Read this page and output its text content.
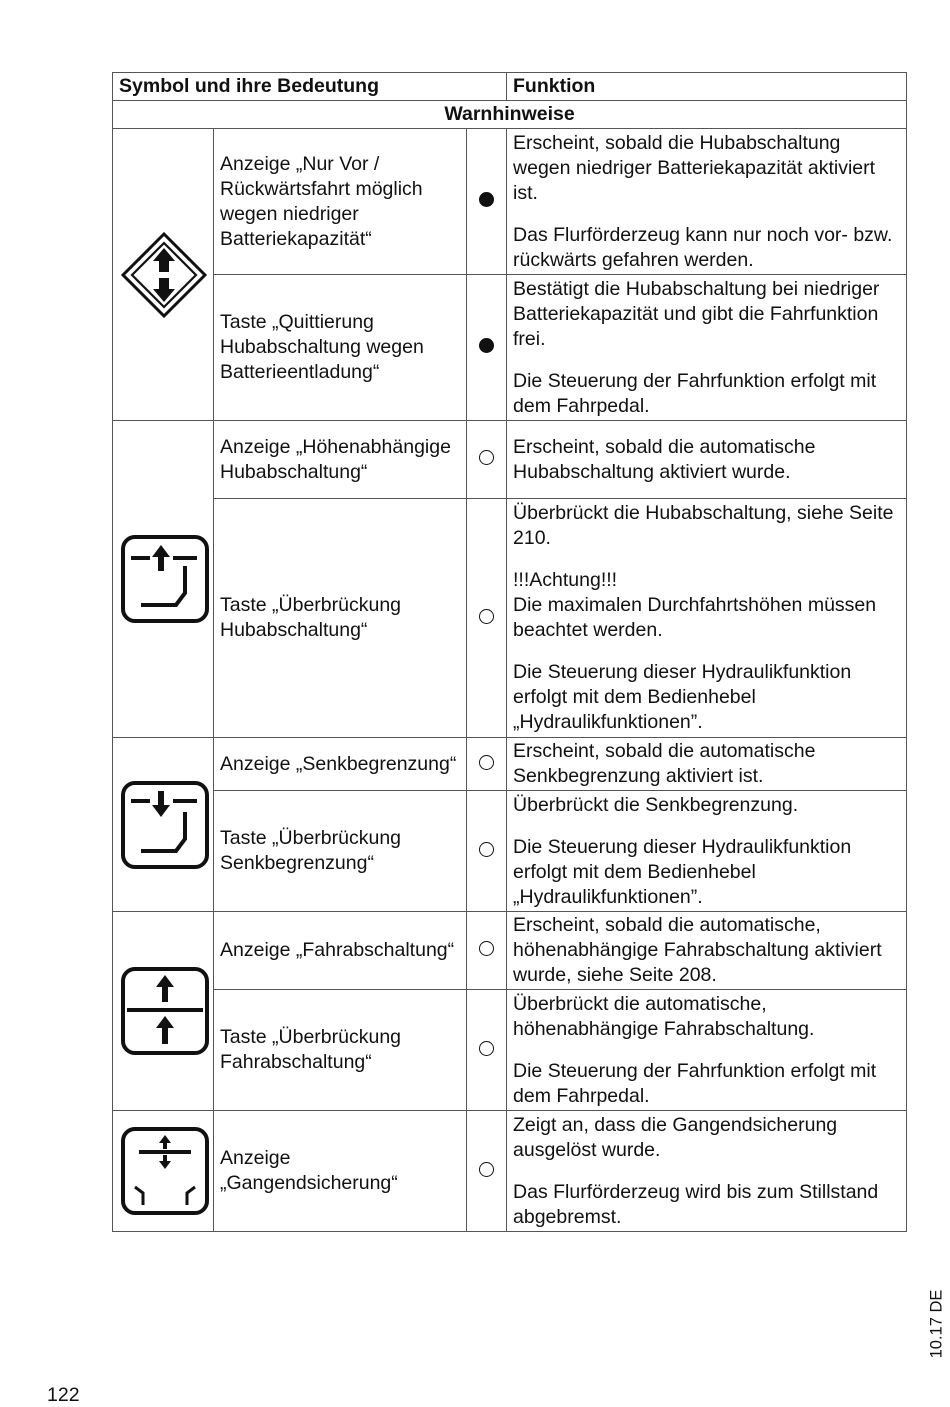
Symbol und ihre Bedeutung			Funktion
Warnhinweise			

	Anzeige „Nur Vor / Rückwärtsfahrt möglich wegen niedriger Batteriekapazität“		Erscheint, sobald die Hubabschaltung wegen niedriger Batteriekapazität aktiviert ist.

Das Flurförderzeug kann nur noch vor- bzw. rückwärts gefahren werden.

	Taste „Quittierung Hubabschaltung wegen Batterieentladung“		Bestätigt die Hubabschaltung bei niedriger Batteriekapazität und gibt die Fahrfunktion frei.

Die Steuerung der Fahrfunktion erfolgt mit dem Fahrpedal.

	Anzeige „Höhenabhängige Hubabschaltung“		Erscheint, sobald die automatische Hubabschaltung aktiviert wurde.

	Taste „Überbrückung Hubabschaltung“		Überbrückt die Hubabschaltung, siehe Seite 210.

!!!Achtung!!!
Die maximalen Durchfahrtshöhen müssen beachtet werden.

Die Steuerung dieser Hydraulikfunktion erfolgt mit dem Bedienhebel „Hydraulikfunktionen”.

	Anzeige „Senkbegrenzung“		Erscheint, sobald die automatische Senkbegrenzung aktiviert ist.

	Taste „Überbrückung Senkbegrenzung“		Überbrückt die Senkbegrenzung.

Die Steuerung dieser Hydraulikfunktion erfolgt mit dem Bedienhebel „Hydraulikfunktionen”.

	Anzeige „Fahrabschaltung“		Erscheint, sobald die automatische, höhenabhängige Fahrabschaltung aktiviert wurde, siehe Seite 208.

	Taste „Überbrückung Fahrabschaltung“		Überbrückt die automatische, höhenabhängige Fahrabschaltung.

Die Steuerung der Fahrfunktion erfolgt mit dem Fahrpedal.

	Anzeige „Gangendsicherung“		Zeigt an, dass die Gangendsicherung ausgelöst wurde.

Das Flurförderzeug wird bis zum Stillstand abgebremst.

122
10.17 DE
